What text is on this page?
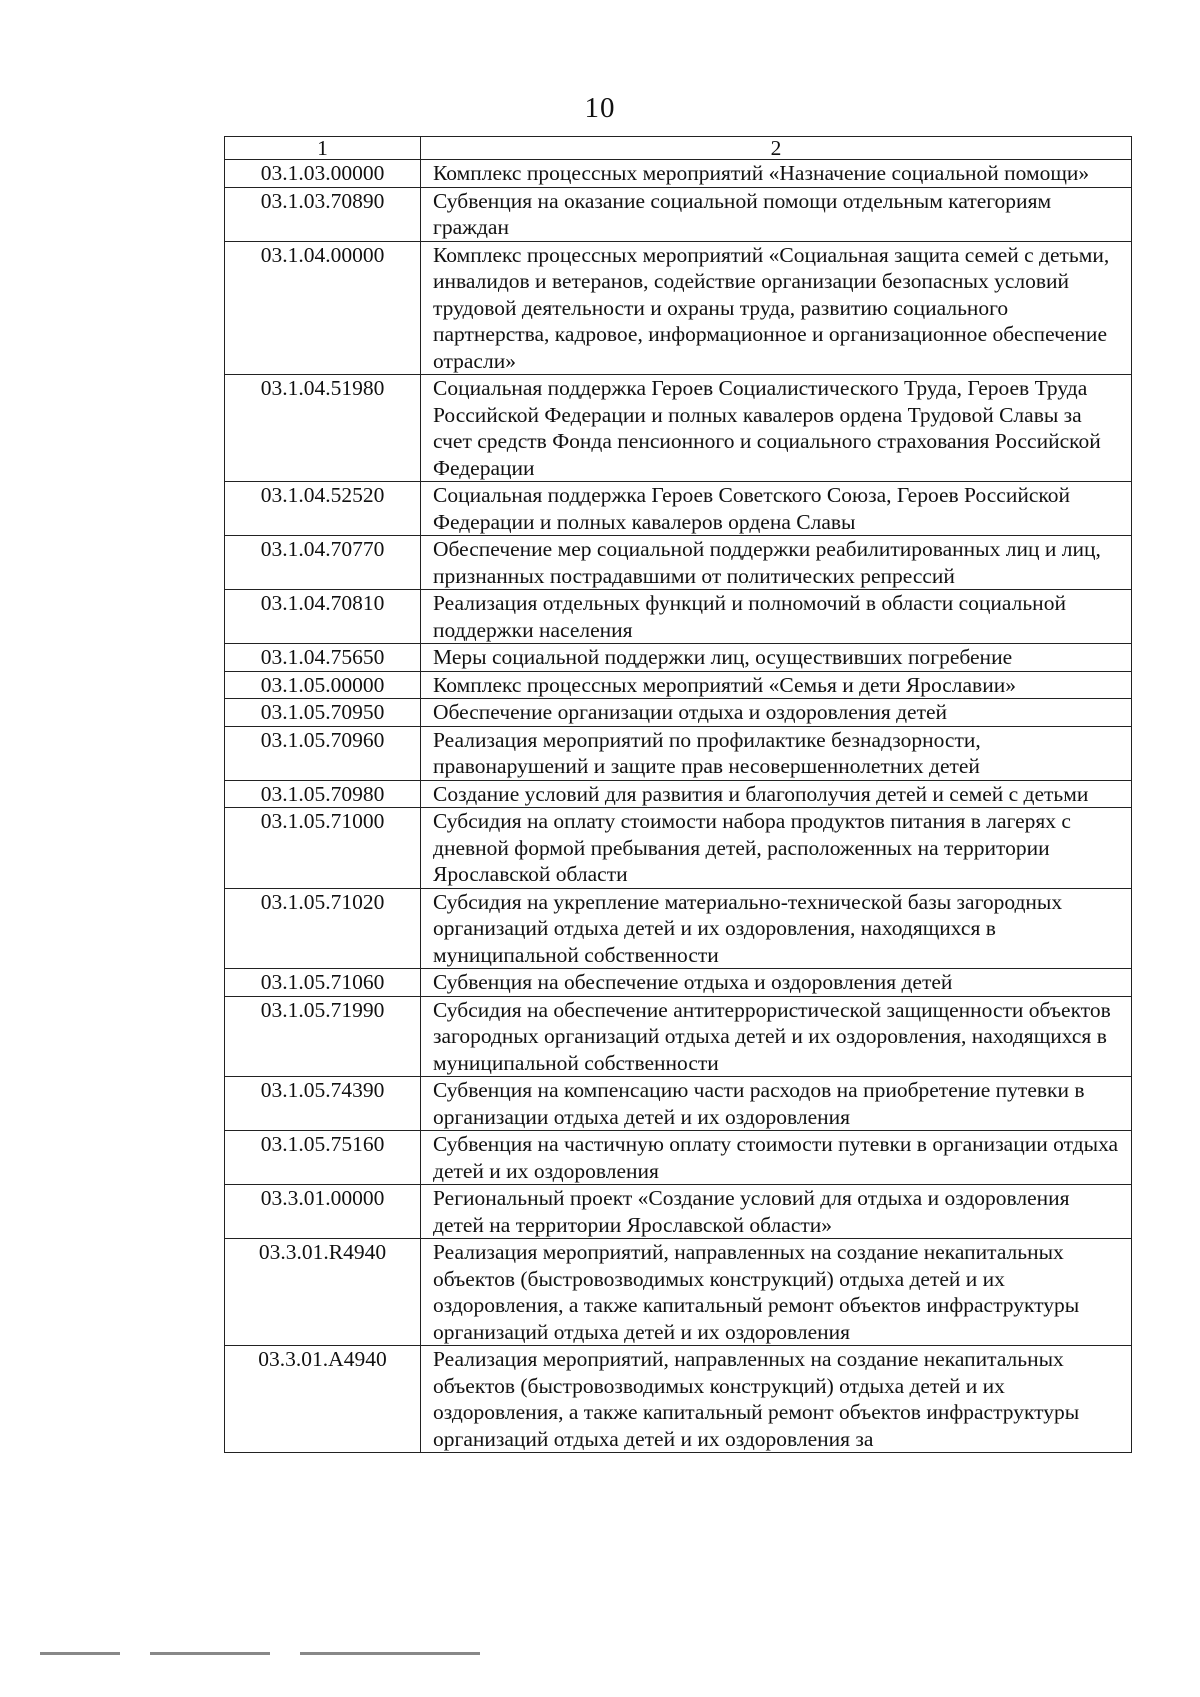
10
1	2
03.1.03.00000	Комплекс процессных мероприятий «Назначение социальной помощи»
03.1.03.70890	Субвенция на оказание социальной помощи отдельным категориям граждан
03.1.04.00000	Комплекс процессных мероприятий «Социальная защита семей с детьми, инвалидов и ветеранов, содействие организации безопасных условий трудовой деятельности и охраны труда, развитию социального партнерства, кадровое, информационное и организационное обеспечение отрасли»
03.1.04.51980	Социальная поддержка Героев Социалистического Труда, Героев Труда Российской Федерации и полных кавалеров ордена Трудовой Славы за счет средств Фонда пенсионного и социального страхования Российской Федерации
03.1.04.52520	Социальная поддержка Героев Советского Союза, Героев Российской Федерации и полных кавалеров ордена Славы
03.1.04.70770	Обеспечение мер социальной поддержки реабилитированных лиц и лиц, признанных пострадавшими от политических репрессий
03.1.04.70810	Реализация отдельных функций и полномочий в области социальной поддержки населения
03.1.04.75650	Меры социальной поддержки лиц, осуществивших погребение
03.1.05.00000	Комплекс процессных мероприятий «Семья и дети Ярославии»
03.1.05.70950	Обеспечение организации отдыха и оздоровления детей
03.1.05.70960	Реализация мероприятий по профилактике безнадзорности, правонарушений и защите прав несовершеннолетних детей
03.1.05.70980	Создание условий для развития и благополучия детей и семей с детьми
03.1.05.71000	Субсидия на оплату стоимости набора продуктов питания в лагерях с дневной формой пребывания детей, расположенных на территории Ярославской области
03.1.05.71020	Субсидия на укрепление материально-технической базы загородных организаций отдыха детей и их оздоровления, находящихся в муниципальной собственности
03.1.05.71060	Субвенция на обеспечение отдыха и оздоровления детей
03.1.05.71990	Субсидия на обеспечение антитеррористической защищенности объектов загородных организаций отдыха детей и их оздоровления, находящихся в муниципальной собственности
03.1.05.74390	Субвенция на компенсацию части расходов на приобретение путевки в организации отдыха детей и их оздоровления
03.1.05.75160	Субвенция на частичную оплату стоимости путевки в организации отдыха детей и их оздоровления
03.3.01.00000	Региональный проект «Создание условий для отдыха и оздоровления детей на территории Ярославской области»
03.3.01.R4940	Реализация мероприятий, направленных на создание некапитальных объектов (быстровозводимых конструкций) отдыха детей и их оздоровления, а также капитальный ремонт объектов инфраструктуры организаций отдыха детей и их оздоровления
03.3.01.A4940	Реализация мероприятий, направленных на создание некапитальных объектов (быстровозводимых конструкций) отдыха детей и их оздоровления, а также капитальный ремонт объектов инфраструктуры организаций отдыха детей и их оздоровления за
